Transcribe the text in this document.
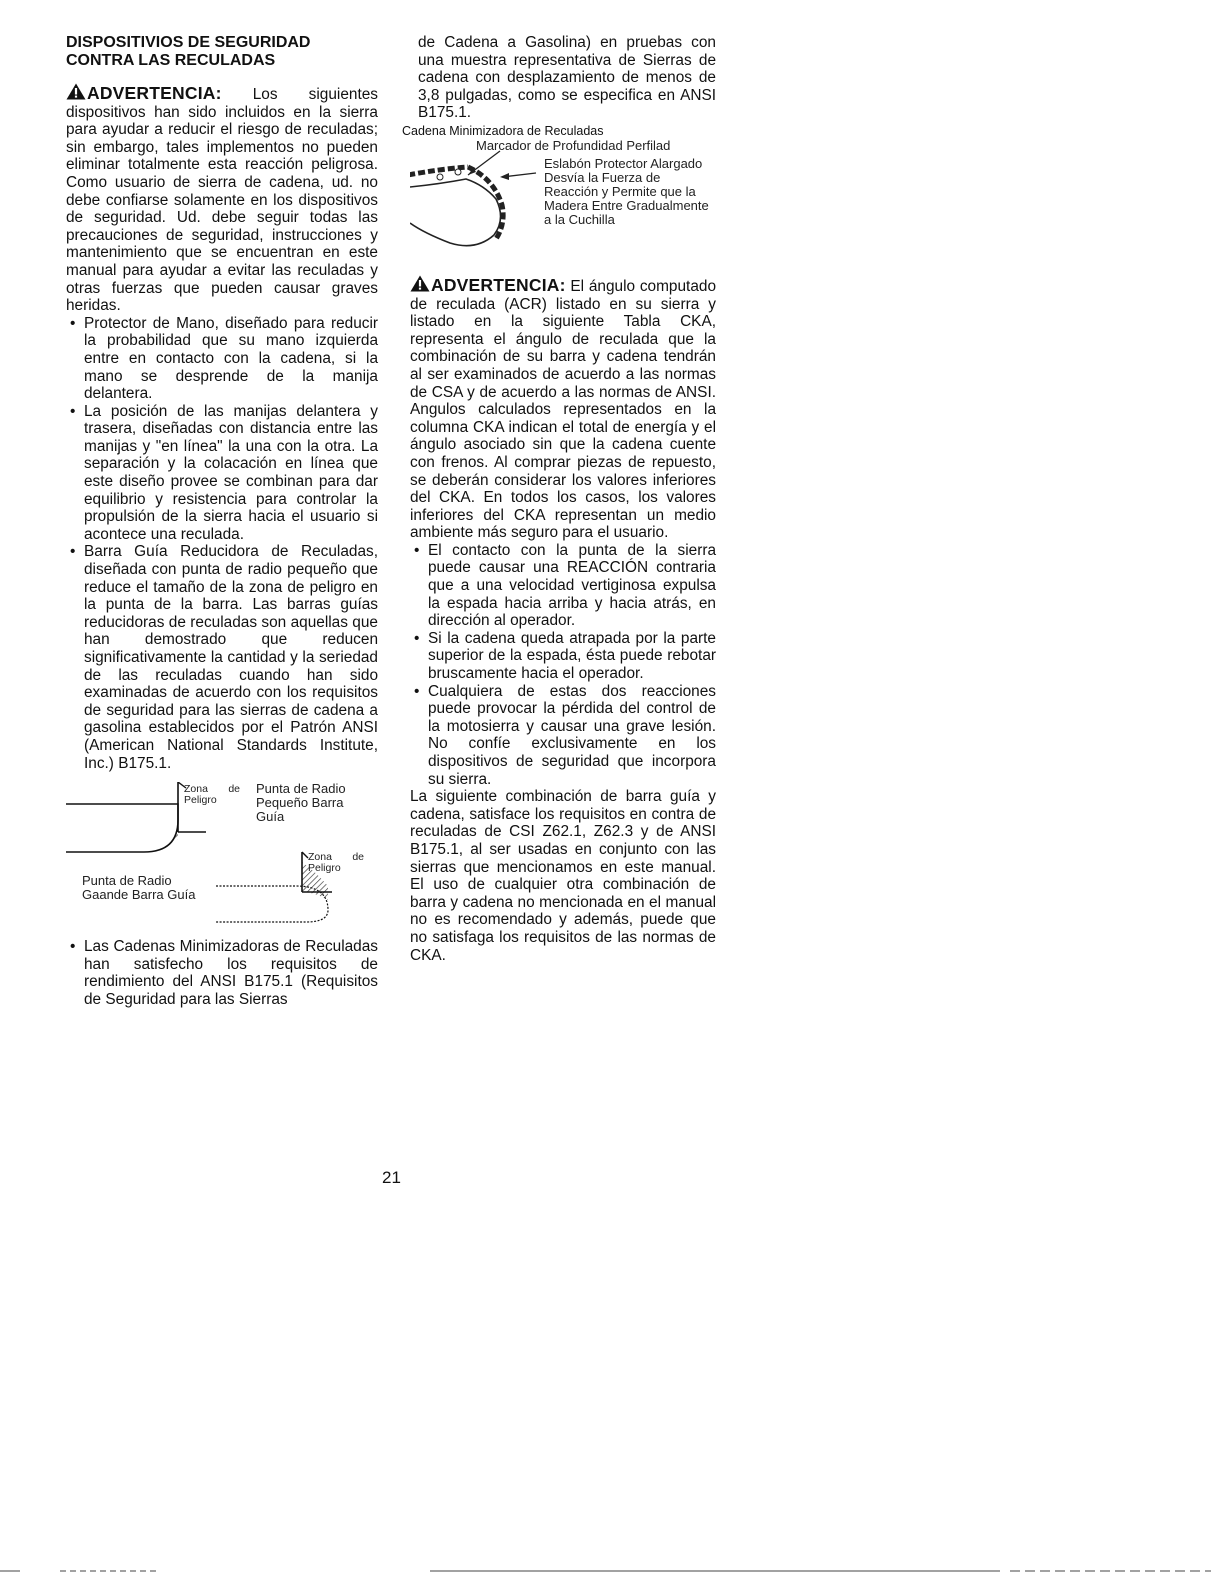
DISPOSITIVIOS DE SEGURIDAD
CONTRA LAS RECULADAS

ADVERTENCIA: Los siguientes dispositivos han sido incluidos en la sierra para ayudar a reducir el riesgo de reculadas; sin embargo, tales implementos no pueden eliminar totalmente esta reacción peligrosa. Como usuario de sierra de cadena, ud. no debe confiarse solamente en los dispositivos de seguridad. Ud. debe seguir todas las precauciones de seguridad, instrucciones y mantenimiento que se encuentran en este manual para ayudar a evitar las reculadas y otras fuerzas que pueden causar graves heridas.

• Protector de Mano, diseñado para reducir la probabilidad que su mano izquierda entre en contacto con la cadena, si la mano se desprende de la manija delantera.
• La posición de las manijas delantera y trasera, diseñadas con distancia entre las manijas y "en línea" la una con la otra. La separación y la colacación en línea que este diseño provee se combinan para dar equilibrio y resistencia para controlar la propulsión de la sierra hacia el usuario si acontece una reculada.
• Barra Guía Reducidora de Reculadas, diseñada con punta de radio pequeño que reduce el tamaño de la zona de peligro en la punta de la barra. Las barras guías reducidoras de reculadas son aquellas que han demostrado que reducen significativamente la cantidad y la seriedad de las reculadas cuando han sido examinadas de acuerdo con los requisitos de seguridad para las sierras de cadena a gasolina establecidos por el Patrón ANSI (American National Standards Institute, Inc.) B175.1.
Zona de Peligro
Punta de Radio Pequeño Barra Guía
Zona de Peligro
Punta de Radio Gaande Barra Guía
• Las Cadenas Minimizadoras de Reculadas han satisfecho los requisitos de rendimiento del ANSI B175.1 (Requisitos de Seguridad para las Sierras

de Cadena a Gasolina) en pruebas con una muestra representativa de Sierras de cadena con desplazamiento de menos de 3,8 pulgadas, como se especifica en ANSI B175.1.

Cadena Minimizadora de Reculadas

Marcador de Profundidad Perfilad
Eslabón Protector Alargado Desvía la Fuerza de Reacción y Permite que la Madera Entre Gradualmente a la Cuchilla

ADVERTENCIA: El ángulo computado de reculada (ACR) listado en su sierra y listado en la siguiente Tabla CKA, representa el ángulo de reculada que la combinación de su barra y cadena tendrán al ser examinados de acuerdo a las normas de CSA y de acuerdo a las normas de ANSI. Angulos calculados representados en la columna CKA indican el total de energía y el ángulo asociado sin que la cadena cuente con frenos. Al comprar piezas de repuesto, se deberán considerar los valores inferiores del CKA. En todos los casos, los valores inferiores del CKA representan un medio ambiente más seguro para el usuario.

• El contacto con la punta de la sierra puede causar una REACCIÓN contraria que a una velocidad vertiginosa expulsa la espada hacia arriba y hacia atrás, en dirección al operador.
• Si la cadena queda atrapada por la parte superior de la espada, ésta puede rebotar bruscamente hacia el operador.
• Cualquiera de estas dos reacciones puede provocar la pérdida del control de la motosierra y causar una grave lesión. No confíe exclusivamente en los dispositivos de seguridad que incorpora su sierra.

La siguiente combinación de barra guía y cadena, satisface los requisitos en contra de reculadas de CSI Z62.1, Z62.3 y de ANSI B175.1, al ser usadas en conjunto con las sierras que mencionamos en este manual. El uso de cualquier otra combinación de barra y cadena no mencionada en el manual no es recomendado y además, puede que no satisfaga los requisitos de las normas de CKA.

21
